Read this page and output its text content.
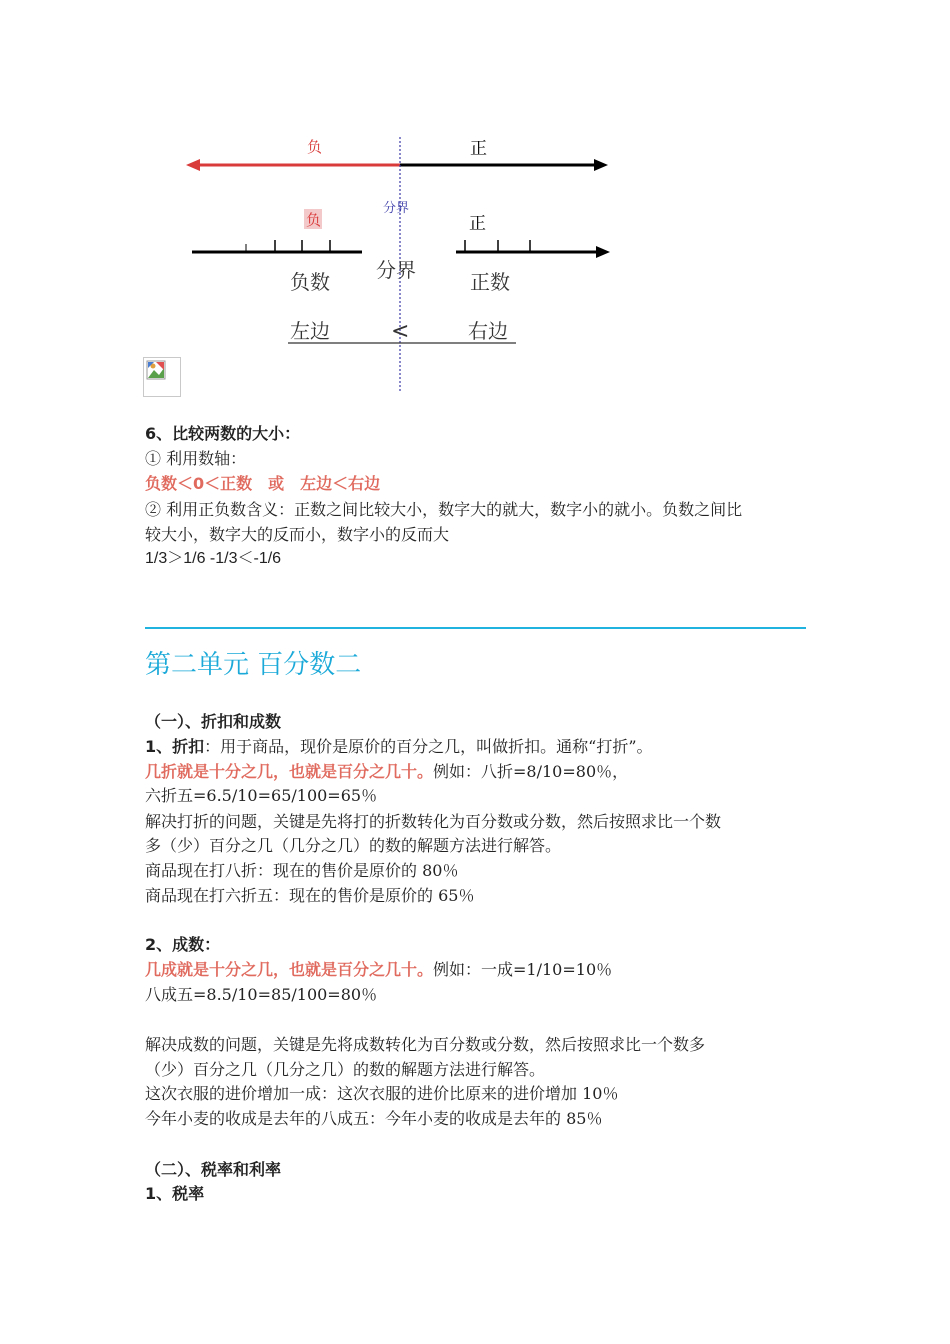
负	正
分界
负	正
负数 分界	正数
左边	<	右边
6、比较两数的大小：
① 利用数轴：
负数＜0＜正数　或　左边＜右边
② 利用正负数含义：正数之间比较大小，数字大的就大，数字小的就小。负数之间比
较大小，数字大的反而小，数字小的反而大
1/3＞1/6 -1/3＜-1/6
第二单元 百分数二
（一）、折扣和成数
1、折扣：用于商品，现价是原价的百分之几，叫做折扣。通称“打折”。
几折就是十分之几，也就是百分之几十。例如：八折=8/10=80％，
六折五=6.5/10=65/100=65％
解决打折的问题，关键是先将打的折数转化为百分数或分数，然后按照求比一个数
多（少）百分之几（几分之几）的数的解题方法进行解答。
商品现在打八折：现在的售价是原价的 80％
商品现在打六折五：现在的售价是原价的 65％
2、成数：
几成就是十分之几，也就是百分之几十。例如：一成=1/10=10％
八成五=8.5/10=85/100=80％
解决成数的问题，关键是先将成数转化为百分数或分数，然后按照求比一个数多
（少）百分之几（几分之几）的数的解题方法进行解答。
这次衣服的进价增加一成：这次衣服的进价比原来的进价增加 10％
今年小麦的收成是去年的八成五：今年小麦的收成是去年的 85％
（二）、税率和利率
1、税率
